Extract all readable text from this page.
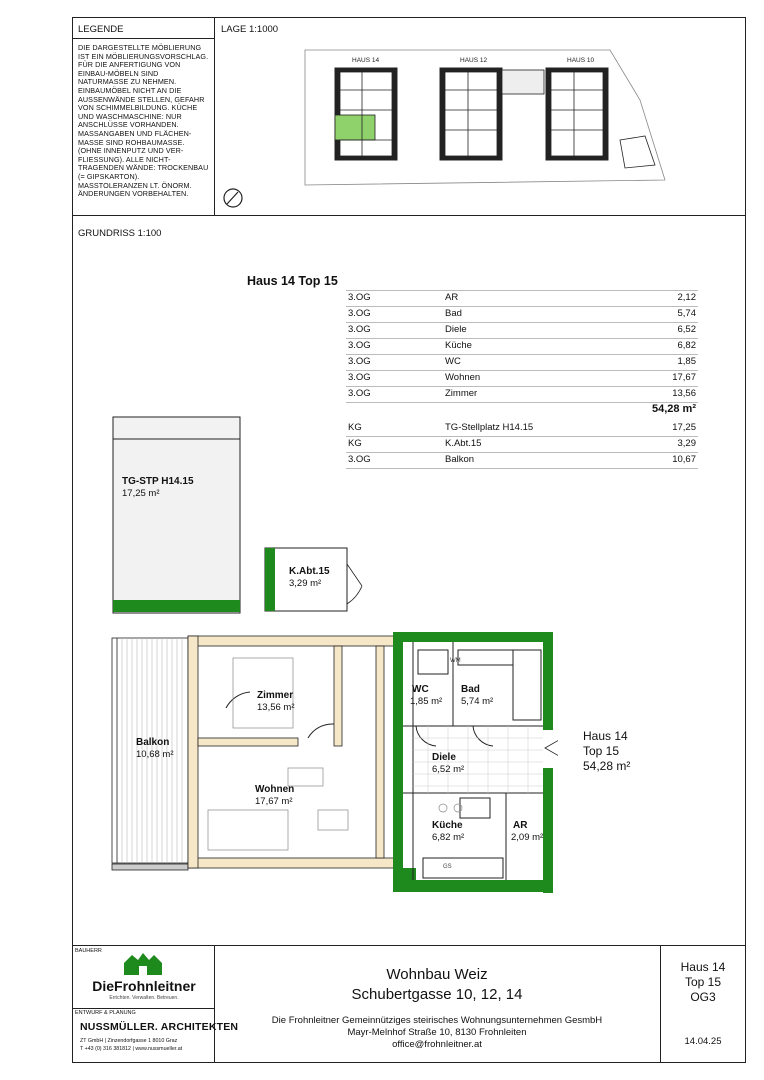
LEGENDE
DIE DARGESTELLTE MÖBLIERUNG IST EIN MÖBLIERUNGSVORSCHLAG. FÜR DIE ANFERTIGUNG VON EINBAU-MÖBELN SIND NATURMASSE ZU NEHMEN. EINBAUMÖBEL NICHT AN DIE AUSSENWÄNDE STELLEN, GEFAHR VON SCHIMMELBILDUNG. KÜCHE UND WASCHMASCHINE: NUR ANSCHLÜSSE VORHANDEN. MASSANGABEN UND FLÄCHEN-MASSE SIND ROHBAUMASSE. (OHNE INNENPUTZ UND VER-FLIESSUNG). ALLE NICHT-TRAGENDEN WÄNDE: TROCKENBAU (= GIPSKARTON). MASSTOLERANZEN LT. ÖNORM. ÄNDERUNGEN VORBEHALTEN.
LAGE 1:1000
HAUS 14	HAUS 12	HAUS 10
GRUNDRISS 1:100
Haus 14 Top 15
3.OG	AR	2,12
3.OG	Bad	5,74
3.OG	Diele	6,52
3.OG	Küche	6,82
3.OG	WC	1,85
3.OG	Wohnen	17,67
3.OG	Zimmer	13,56
54,28 m²
KG	TG-Stellplatz H14.15	17,25
KG	K.Abt.15	3,29
3.OG	Balkon	10,67
TG-STP H14.15
17,25 m²
K.Abt.15
3,29 m²
WM
GS
Zimmer
13,56 m²
Balkon
10,68 m²
Wohnen
17,67 m²
WC
1,85 m²
Bad
5,74 m²
Diele
6,52 m²
Küche
6,82 m²
AR
2,09 m²
Haus 14
Top 15
54,28 m²
BAUHERR
DieFrohnleitner
Errichten. Verwalten. Betreuen.
ENTWURF & PLANUNG
NUSSMÜLLER. ARCHITEKTEN
ZT GmbH | Zinzendorfgasse 1 8010 Graz
T +43 (0) 316 381812 | www.nussmueller.at
Wohnbau Weiz
Schubertgasse 10, 12, 14
Die Frohnleitner Gemeinnütziges steirisches Wohnungsunternehmen GesmbH
Mayr-Melnhof Straße 10, 8130 Frohnleiten
office@frohnleitner.at
Haus 14
Top 15
OG3
14.04.25
